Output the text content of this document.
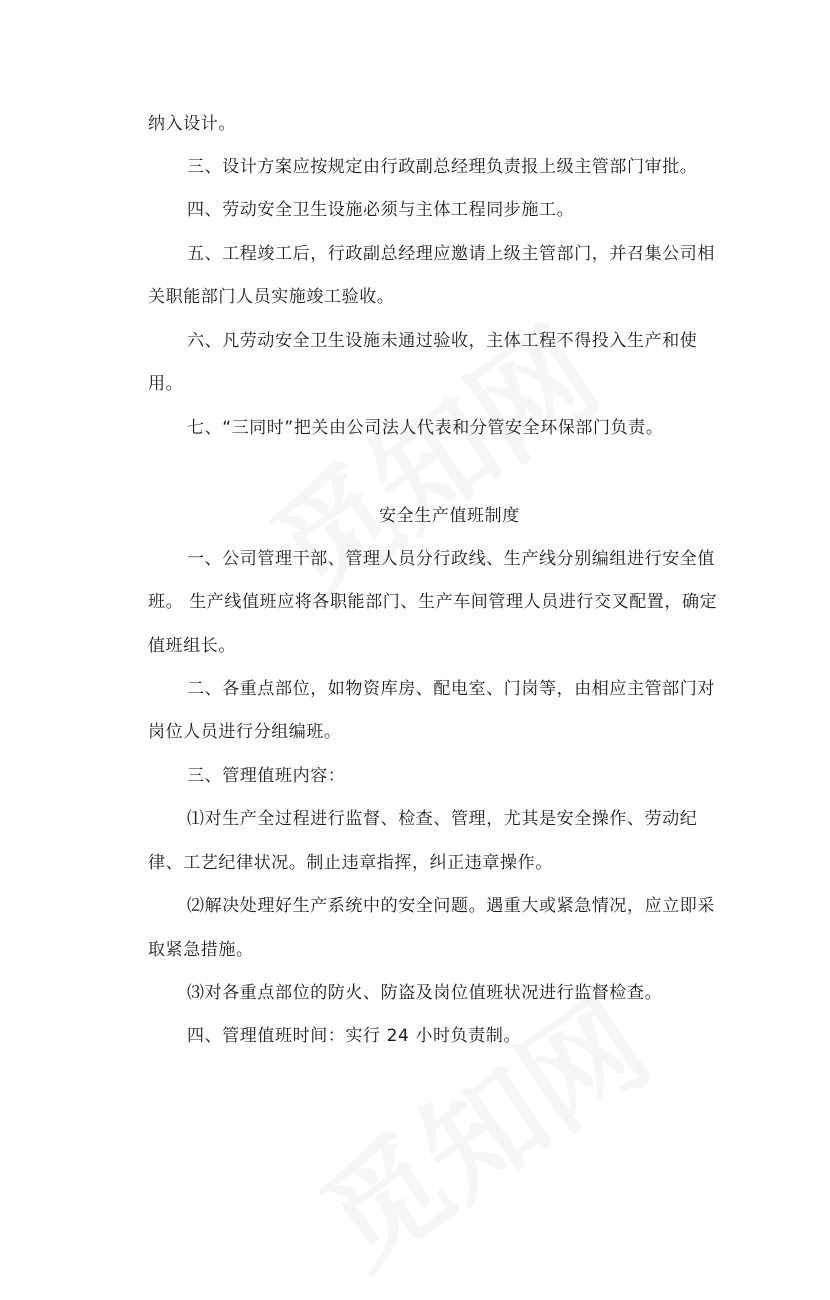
纳入设计。
三、设计方案应按规定由行政副总经理负责报上级主管部门审批。
四、劳动安全卫生设施必须与主体工程同步施工。
五、工程竣工后，行政副总经理应邀请上级主管部门，并召集公司相
关职能部门人员实施竣工验收。
六、凡劳动安全卫生设施未通过验收，主体工程不得投入生产和使
用。
七、“三同时”把关由公司法人代表和分管安全环保部门负责。
安全生产值班制度
一、公司管理干部、管理人员分行政线、生产线分别编组进行安全值
班。 生产线值班应将各职能部门、生产车间管理人员进行交叉配置，确定
值班组长。
二、各重点部位，如物资库房、配电室、门岗等，由相应主管部门对
岗位人员进行分组编班。
三、管理值班内容：
⑴对生产全过程进行监督、检查、管理，尤其是安全操作、劳动纪
律、工艺纪律状况。制止违章指挥，纠正违章操作。
⑵解决处理好生产系统中的安全问题。遇重大或紧急情况，应立即采
取紧急措施。
⑶对各重点部位的防火、防盗及岗位值班状况进行监督检查。
四、管理值班时间：实行 24 小时负责制。
